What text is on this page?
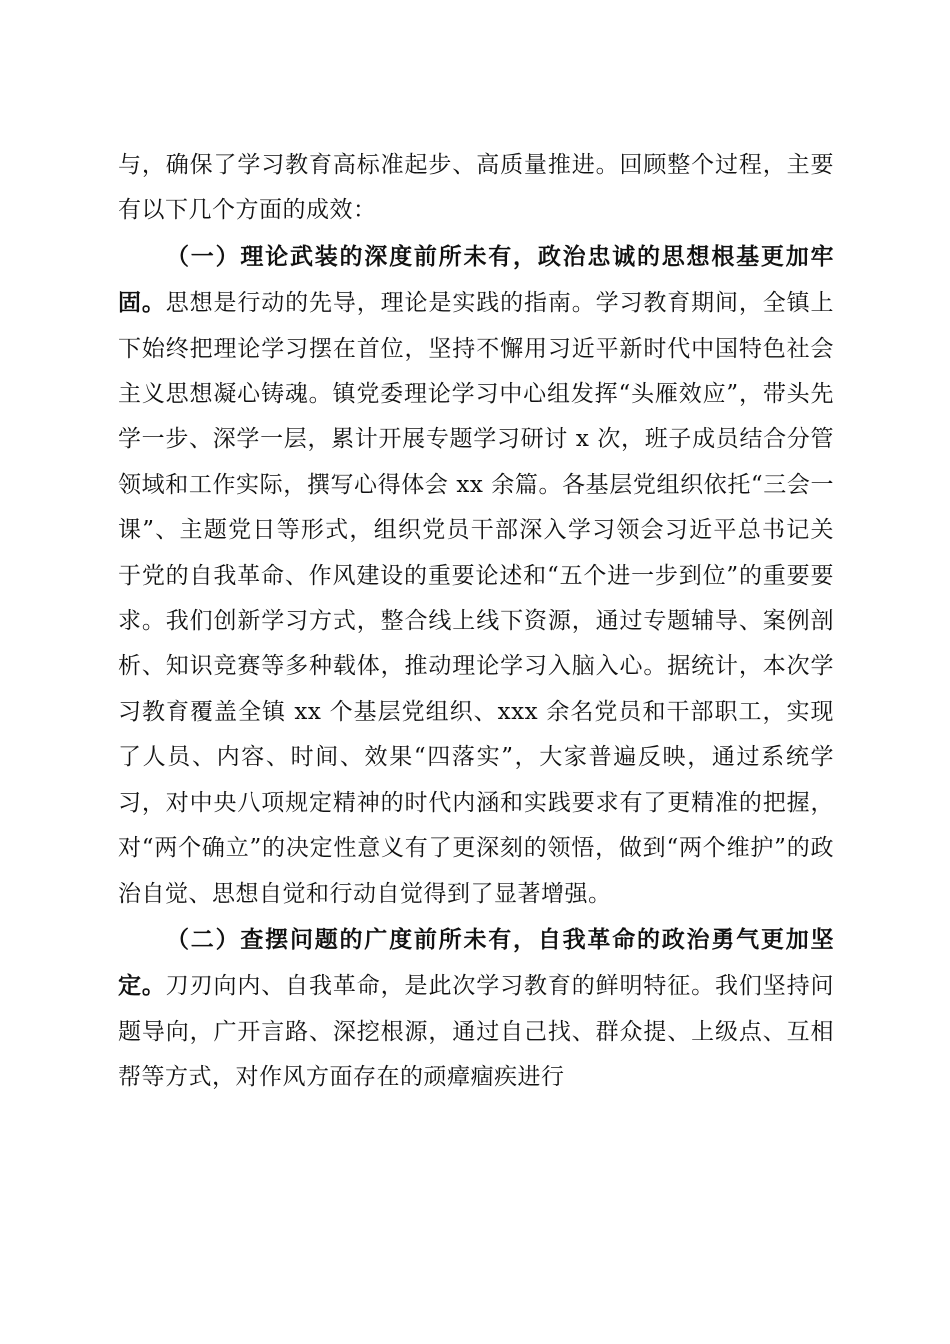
与，确保了学习教育高标准起步、高质量推进。回顾整个过程，主要有以下几个方面的成效：

（一）理论武装的深度前所未有，政治忠诚的思想根基更加牢固。思想是行动的先导，理论是实践的指南。学习教育期间，全镇上下始终把理论学习摆在首位，坚持不懈用习近平新时代中国特色社会主义思想凝心铸魂。镇党委理论学习中心组发挥“头雁效应”，带头先学一步、深学一层，累计开展专题学习研讨 x 次，班子成员结合分管领域和工作实际，撰写心得体会 xx 余篇。各基层党组织依托“三会一课”、主题党日等形式，组织党员干部深入学习领会习近平总书记关于党的自我革命、作风建设的重要论述和“五个进一步到位”的重要要求。我们创新学习方式，整合线上线下资源，通过专题辅导、案例剖析、知识竞赛等多种载体，推动理论学习入脑入心。据统计，本次学习教育覆盖全镇 xx 个基层党组织、xxx 余名党员和干部职工，实现了人员、内容、时间、效果“四落实”，大家普遍反映，通过系统学习，对中央八项规定精神的时代内涵和实践要求有了更精准的把握，对“两个确立”的决定性意义有了更深刻的领悟，做到“两个维护”的政治自觉、思想自觉和行动自觉得到了显著增强。

（二）查摆问题的广度前所未有，自我革命的政治勇气更加坚定。刀刃向内、自我革命，是此次学习教育的鲜明特征。我们坚持问题导向，广开言路、深挖根源，通过自己找、群众提、上级点、互相帮等方式，对作风方面存在的顽瘴痼疾进行
